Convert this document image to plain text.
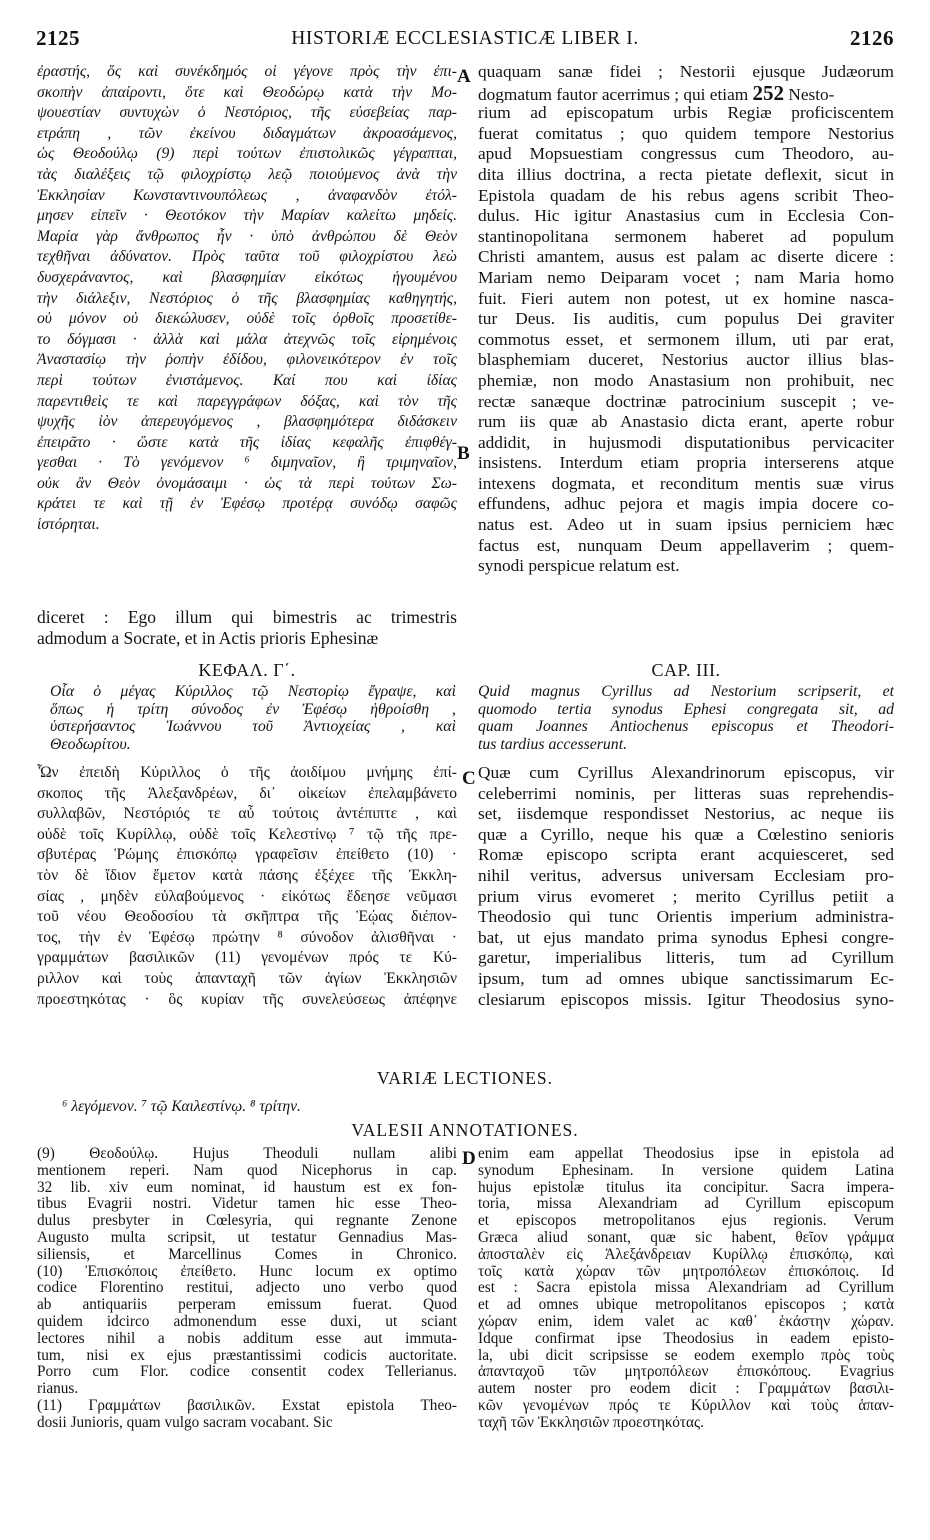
2125	HISTORIÆ ECCLESIASTICÆ LIBER I.	2126
ἐραστής, ὅς καὶ συνέκδημός οἱ γέγονε πρὸς τὴν ἐπι-
σκοπὴν ἀπαίροντι, ὅτε καὶ Θεοδώρῳ κατὰ τὴν Μο-
ψουεστίαν συντυχὼν ὁ Νεστόριος, τῆς εὐσεβείας παρ-
ετράπη , τῶν ἐκείνου διδαγμάτων ἀκροασάμενος,
ὡς Θεοδούλῳ (9) περὶ τούτων ἐπιστολικῶς γέγραπται,
τὰς διαλέξεις τῷ φιλοχρίστῳ λεῷ ποιούμενος ἀνὰ τὴν
Ἐκκλησίαν Κωνσταντινουπόλεως , ἀναφανδὸν ἐτόλ-
μησεν εἰπεῖν · Θεοτόκον τὴν Μαρίαν καλείτω μηδείς.
Μαρία γὰρ ἄνθρωπος ἦν · ὑπὸ ἀνθρώπου δὲ Θεὸν
τεχθῆναι ἀδύνατον. Πρὸς ταῦτα τοῦ φιλοχρίστου λεὼ
δυσχεράναντος, καὶ βλασφημίαν εἰκότως ἡγουμένου
τὴν διάλεξιν, Νεστόριος ὁ τῆς βλασφημίας καθηγητής,
οὐ μόνον οὐ διεκώλυσεν, οὐδὲ τοῖς ὀρθοῖς προσετίθε-
το δόγμασι · ἀλλὰ καὶ μάλα ἀτεχνῶς τοῖς εἰρημένοις
Ἀναστασίῳ τὴν ῥοπὴν ἐδίδου, φιλονεικότερον ἐν τοῖς
περὶ τούτων ἐνιστάμενος. Καί που καὶ ἰδίας
παρεντιθεὶς τε καὶ παρεγγράφων δόξας, καὶ τὸν τῆς
ψυχῆς ἰὸν ἀπερευγόμενος , βλασφημότερα διδάσκειν
ἐπειρᾶτο · ὥστε κατὰ τῆς ἰδίας κεφαλῆς ἐπιφθέγ-
γεσθαι · Τὸ γενόμενον ⁶ διμηναῖον, ἢ τριμηναῖον,
οὐκ ἂν Θεὸν ὀνομάσαιμι · ὡς τὰ περὶ τούτων Σω-
κράτει τε καὶ τῇ ἐν Ἐφέσῳ προτέρᾳ συνόδῳ σαφῶς
ἱστόρηται.
quaquam sanæ fidei ; Nestorii ejusque Judæorum
dogmatum fautor acerrimus ; qui etiam 252 Nesto-
rium ad episcopatum urbis Regiæ proficiscentem
fuerat comitatus ; quo quidem tempore Nestorius
apud Mopsuestiam congressus cum Theodoro, au-
dita illius doctrina, a recta pietate deflexit, sicut in
Epistola quadam de his rebus agens scribit Theo-
dulus. Hic igitur Anastasius cum in Ecclesia Con-
stantinopolitana sermonem haberet ad populum
Christi amantem, ausus est palam ac diserte dicere :
Mariam nemo Deiparam vocet ; nam Maria homo
fuit. Fieri autem non potest, ut ex homine nasca-
tur Deus. Iis auditis, cum populus Dei graviter
commotus esset, et sermonem illum, uti par erat,
blasphemiam duceret, Nestorius auctor illius blas-
phemiæ, non modo Anastasium non prohibuit, nec
rectæ sanæque doctrinæ patrocinium suscepit ; ve-
rum iis quæ ab Anastasio dicta erant, aperte robur
addidit, in hujusmodi disputationibus pervicaciter
insistens. Interdum etiam propria interserens atque
intexens dogmata, et reconditum mentis suæ virus
effundens, adhuc pejora et magis impia docere co-
natus est. Adeo ut in suam ipsius perniciem hæc
factus est, nunquam Deum appellaverim ; quem-
synodi perspicue relatum est.
A
B
C
D
diceret : Ego illum qui bimestris ac trimestris
admodum a Socrate, et in Actis prioris Ephesinæ
ΚΕΦΑΛ. Γ΄.	CAP. III.
Οἷα ὁ μέγας Κύριλλος τῷ Νεστορίῳ ἔγραψε, καὶ
ὅπως ἡ τρίτη σύνοδος ἐν Ἐφέσῳ ἠθροίσθη ,
ὑστερήσαντος Ἰωάννου τοῦ Ἀντιοχείας , καὶ
Θεοδωρίτου.
Quid magnus Cyrillus ad Nestorium scripserit, et
quomodo tertia synodus Ephesi congregata sit, ad
quam Joannes Antiochenus episcopus et Theodori-
tus tardius accesserunt.
Ὧν ἐπειδὴ Κύριλλος ὁ τῆς ἀοιδίμου μνήμης ἐπί-
σκοπος τῆς Ἀλεξανδρέων, δι᾽ οἰκείων ἐπελαμβάνετο
συλλαβῶν, Νεστόριός τε αὖ τούτοις ἀντέπιπτε , καὶ
οὐδὲ τοῖς Κυρίλλῳ, οὐδὲ τοῖς Κελεστίνῳ ⁷ τῷ τῆς πρε-
σβυτέρας Ῥώμης ἐπισκόπῳ γραφεῖσιν ἐπείθετο (10) ·
τὸν δὲ ἴδιον ἔμετον κατὰ πάσης ἐξέχεε τῆς Ἐκκλη-
σίας , μηδὲν εὐλαβούμενος · εἰκότως ἔδεησε νεῦμασι
τοῦ νέου Θεοδοσίου τὰ σκῆπτρα τῆς Ἑῴας διέπον-
τος, τὴν ἐν Ἐφέσῳ πρώτην ⁸ σύνοδον ἀλισθῆναι ·
γραμμάτων βασιλικῶν (11) γενομένων πρός τε Κύ-
ριλλον καὶ τοὺς ἁπανταχῆ τῶν ἁγίων Ἐκκλησιῶν
προεστηκότας · ὃς κυρίαν τῆς συνελεύσεως ἀπέφηνε
Quæ cum Cyrillus Alexandrinorum episcopus, vir
celeberrimi nominis, per litteras suas reprehendis-
set, iisdemque respondisset Nestorius, ac neque iis
quæ a Cyrillo, neque his quæ a Cœlestino senioris
Romæ episcopo scripta erant acquiesceret, sed
nihil veritus, adversus universam Ecclesiam pro-
prium virus evomeret ; merito Cyrillus petiit a
Theodosio qui tunc Orientis imperium administra-
bat, ut ejus mandato prima synodus Ephesi congre-
garetur, imperialibus litteris, tum ad Cyrillum
ipsum, tum ad omnes ubique sanctissimarum Ec-
clesiarum episcopos missis. Igitur Theodosius syno-
VARIÆ LECTIONES.
⁶ λεγόμενον. ⁷ τῷ Καιλεστίνῳ. ⁸ τρίτην.
VALESII ANNOTATIONES.
(9) Θεοδούλῳ. Hujus Theoduli nullam alibi
mentionem reperi. Nam quod Nicephorus in cap.
32 lib. xiv eum nominat, id haustum est ex fon-
tibus Evagrii nostri. Videtur tamen hic esse Theo-
dulus presbyter in Cœlesyria, qui regnante Zenone
Augusto multa scripsit, ut testatur Gennadius Mas-
siliensis, et Marcellinus Comes in Chronico.
(10) Ἐπισκόποις ἐπείθετο. Hunc locum ex optimo
codice Florentino restitui, adjecto uno verbo quod
ab antiquariis perperam emissum fuerat. Quod
quidem idcirco admonendum esse duxi, ut sciant
lectores nihil a nobis additum esse aut immuta-
tum, nisi ex ejus præstantissimi codicis auctoritate.
Porro cum Flor. codice consentit codex Tellerianus.
rianus.
(11) Γραμμάτων βασιλικῶν. Exstat epistola Theo-
dosii Junioris, quam vulgo sacram vocabant. Sic
enim eam appellat Theodosius ipse in epistola ad
synodum Ephesinam. In versione quidem Latina
hujus epistolæ titulus ita concipitur. Sacra impera-
toria, missa Alexandriam ad Cyrillum episcopum
et episcopos metropolitanos ejus regionis. Verum
Græca aliud sonant, quæ sic habent, θεῖον γράμμα
ἀποσταλὲν εἰς Ἀλεξάνδρειαν Κυρίλλῳ ἐπισκόπῳ, καὶ
τοῖς κατὰ χώραν τῶν μητροπόλεων ἐπισκόποις. Id
est : Sacra epistola missa Alexandriam ad Cyrillum
et ad omnes ubique metropolitanos episcopos ; κατὰ
χώραν enim, idem valet ac καθ᾽ ἑκάστην χώραν.
Idque confirmat ipse Theodosius in eadem episto-
la, ubi dicit scripsisse se eodem exemplo πρὸς τοὺς
ἁπανταχοῦ τῶν μητροπόλεων ἐπισκόπους. Evagrius
autem noster pro eodem dicit : Γραμμάτων βασιλι-
κῶν γενομένων πρός τε Κύριλλον καὶ τοὺς ἁπαν-
ταχῆ τῶν Ἐκκλησιῶν προεστηκότας.
